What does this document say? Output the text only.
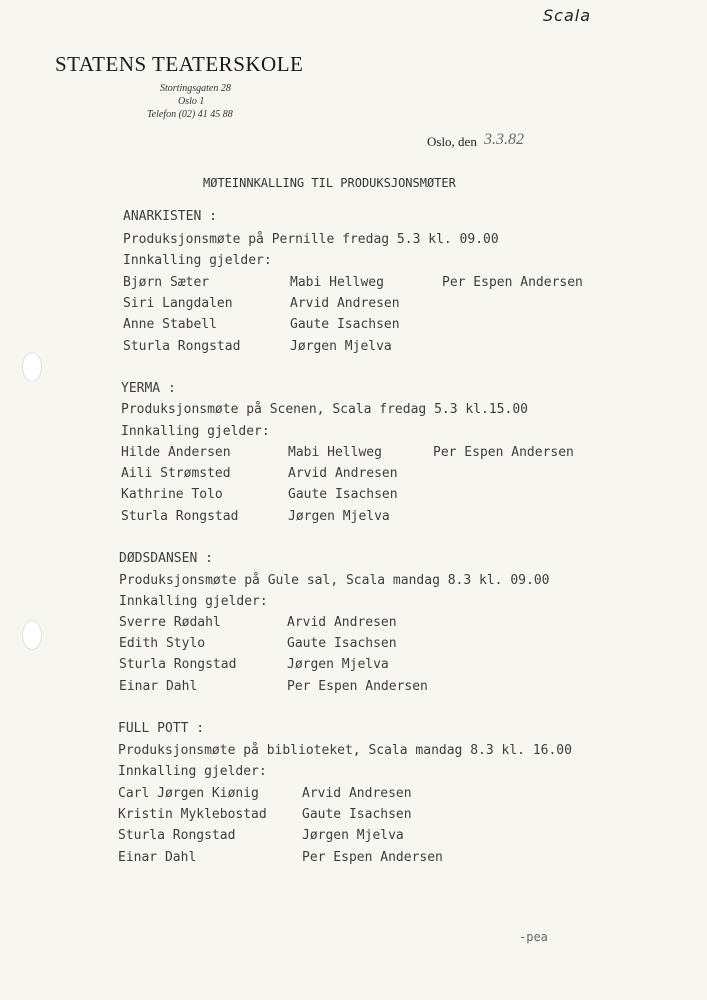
Scala
STATENS TEATERSKOLE
Stortingsgaten 28
Oslo 1
Telefon (02) 41 45 88
Oslo, den 3.3.82
MØTEINNKALLING TIL PRODUKSJONSMØTER
ANARKISTEN :
Produksjonsmøte på Pernille fredag 5.3 kl. 09.00
Innkalling gjelder:
Bjørn Sæter
Siri Langdalen
Anne Stabell
Sturla Rongstad
Mabi Hellweg
Arvid Andresen
Gaute Isachsen
Jørgen Mjelva
Per Espen Andersen
YERMA :
Produksjonsmøte på Scenen, Scala fredag 5.3 kl.15.00
Innkalling gjelder:
Hilde Andersen
Aili Strømsted
Kathrine Tolo
Sturla Rongstad
Mabi Hellweg
Arvid Andresen
Gaute Isachsen
Jørgen Mjelva
Per Espen Andersen
DØDSDANSEN :
Produksjonsmøte på Gule sal, Scala mandag 8.3 kl. 09.00
Innkalling gjelder:
Sverre Rødahl
Edith Stylo
Sturla Rongstad
Einar Dahl
Arvid Andresen
Gaute Isachsen
Jørgen Mjelva
Per Espen Andersen
FULL POTT :
Produksjonsmøte på biblioteket, Scala mandag 8.3 kl. 16.00
Innkalling gjelder:
Carl Jørgen Kiønig
Kristin Myklebostad
Sturla Rongstad
Einar Dahl
Arvid Andresen
Gaute Isachsen
Jørgen Mjelva
Per Espen Andersen
-pea
